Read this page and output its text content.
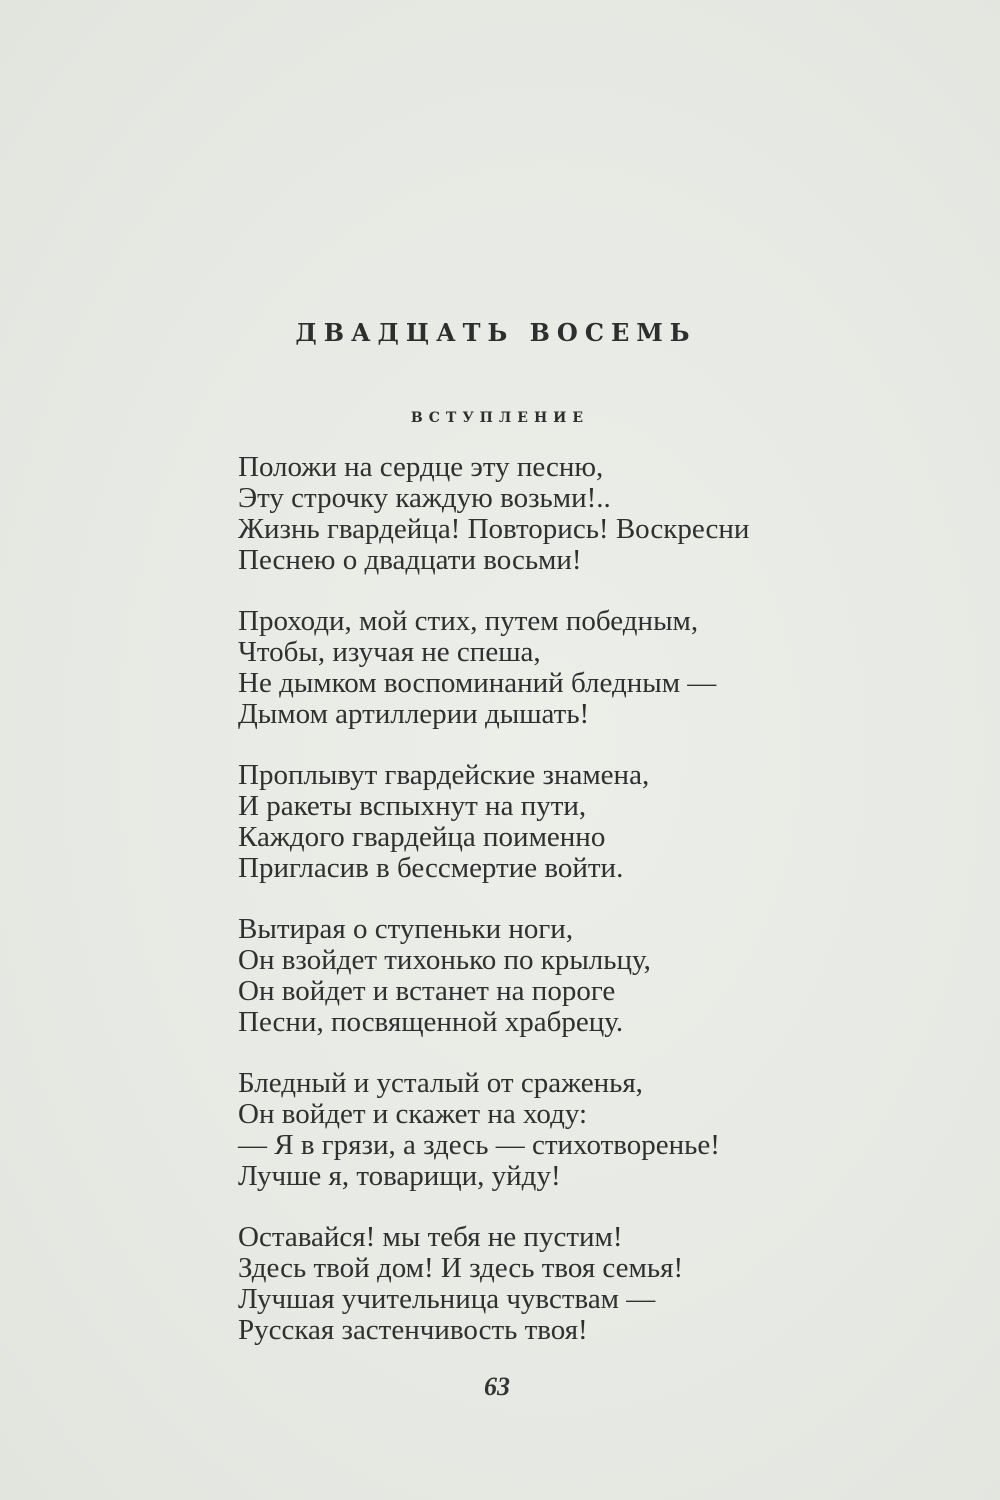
ДВАДЦАТЬ ВОСЕМЬ
ВСТУПЛЕНИЕ
Положи на сердце эту песню,
Эту строчку каждую возьми!..
Жизнь гвардейца! Повторись! Воскресни
Песнею о двадцати восьми!
Проходи, мой стих, путем победным,
Чтобы, изучая не спеша,
Не дымком воспоминаний бледным —
Дымом артиллерии дышать!
Проплывут гвардейские знамена,
И ракеты вспыхнут на пути,
Каждого гвардейца поименно
Пригласив в бессмертие войти.
Вытирая о ступеньки ноги,
Он взойдет тихонько по крыльцу,
Он войдет и встанет на пороге
Песни, посвященной храбрецу.
Бледный и усталый от сраженья,
Он войдет и скажет на ходу:
— Я в грязи, а здесь — стихотворенье!
Лучше я, товарищи, уйду!
Оставайся! мы тебя не пустим!
Здесь твой дом! И здесь твоя семья!
Лучшая учительница чувствам —
Русская застенчивость твоя!
63
